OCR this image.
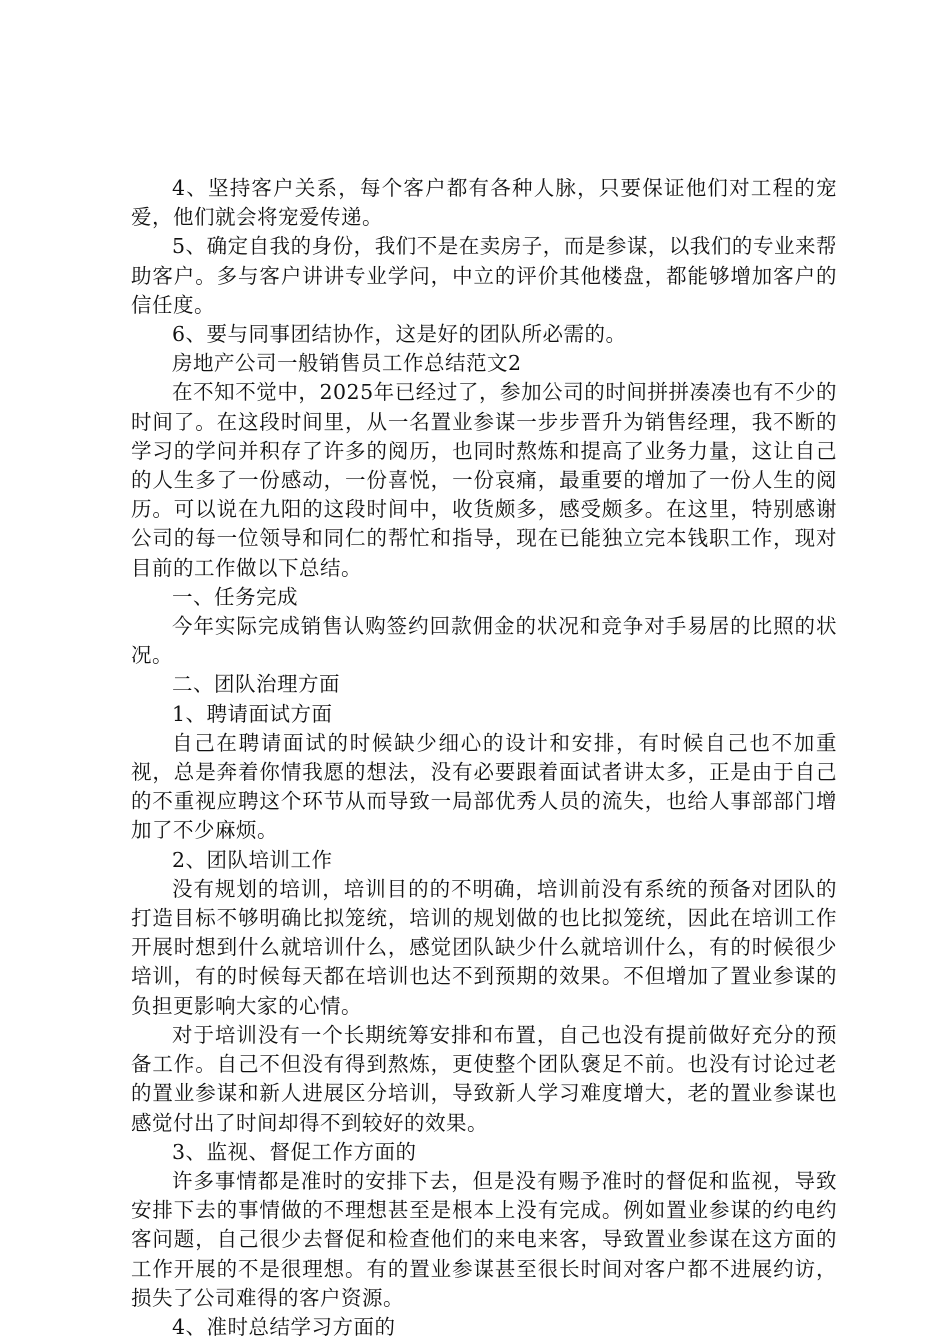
4、坚持客户关系，每个客户都有各种人脉，只要保证他们对工程的宠爱，他们就会将宠爱传递。

5、确定自我的身份，我们不是在卖房子，而是参谋，以我们的专业来帮助客户。多与客户讲讲专业学问，中立的评价其他楼盘，都能够增加客户的信任度。

6、要与同事团结协作，这是好的团队所必需的。

房地产公司一般销售员工作总结范文2

在不知不觉中，2025年已经过了，参加公司的时间拼拼凑凑也有不少的时间了。在这段时间里，从一名置业参谋一步步晋升为销售经理，我不断的学习的学问并积存了许多的阅历，也同时熬炼和提高了业务力量，这让自己的人生多了一份感动，一份喜悦，一份哀痛，最重要的增加了一份人生的阅历。可以说在九阳的这段时间中，收货颇多，感受颇多。在这里，特别感谢公司的每一位领导和同仁的帮忙和指导，现在已能独立完本钱职工作，现对目前的工作做以下总结。

一、任务完成

今年实际完成销售认购签约回款佣金的状况和竞争对手易居的比照的状况。

二、团队治理方面

1、聘请面试方面

自己在聘请面试的时候缺少细心的设计和安排，有时候自己也不加重视，总是奔着你情我愿的想法，没有必要跟着面试者讲太多，正是由于自己的不重视应聘这个环节从而导致一局部优秀人员的流失，也给人事部部门增加了不少麻烦。

2、团队培训工作

没有规划的培训，培训目的的不明确，培训前没有系统的预备对团队的打造目标不够明确比拟笼统，培训的规划做的也比拟笼统，因此在培训工作开展时想到什么就培训什么，感觉团队缺少什么就培训什么，有的时候很少培训，有的时候每天都在培训也达不到预期的效果。不但增加了置业参谋的负担更影响大家的心情。

对于培训没有一个长期统筹安排和布置，自己也没有提前做好充分的预备工作。自己不但没有得到熬炼，更使整个团队褒足不前。也没有讨论过老的置业参谋和新人进展区分培训，导致新人学习难度增大，老的置业参谋也感觉付出了时间却得不到较好的效果。

3、监视、督促工作方面的

许多事情都是准时的安排下去，但是没有赐予准时的督促和监视，导致安排下去的事情做的不理想甚至是根本上没有完成。例如置业参谋的约电约客问题，自己很少去督促和检查他们的来电来客，导致置业参谋在这方面的工作开展的不是很理想。有的置业参谋甚至很长时间对客户都不进展约访，损失了公司难得的客户资源。

4、准时总结学习方面的
